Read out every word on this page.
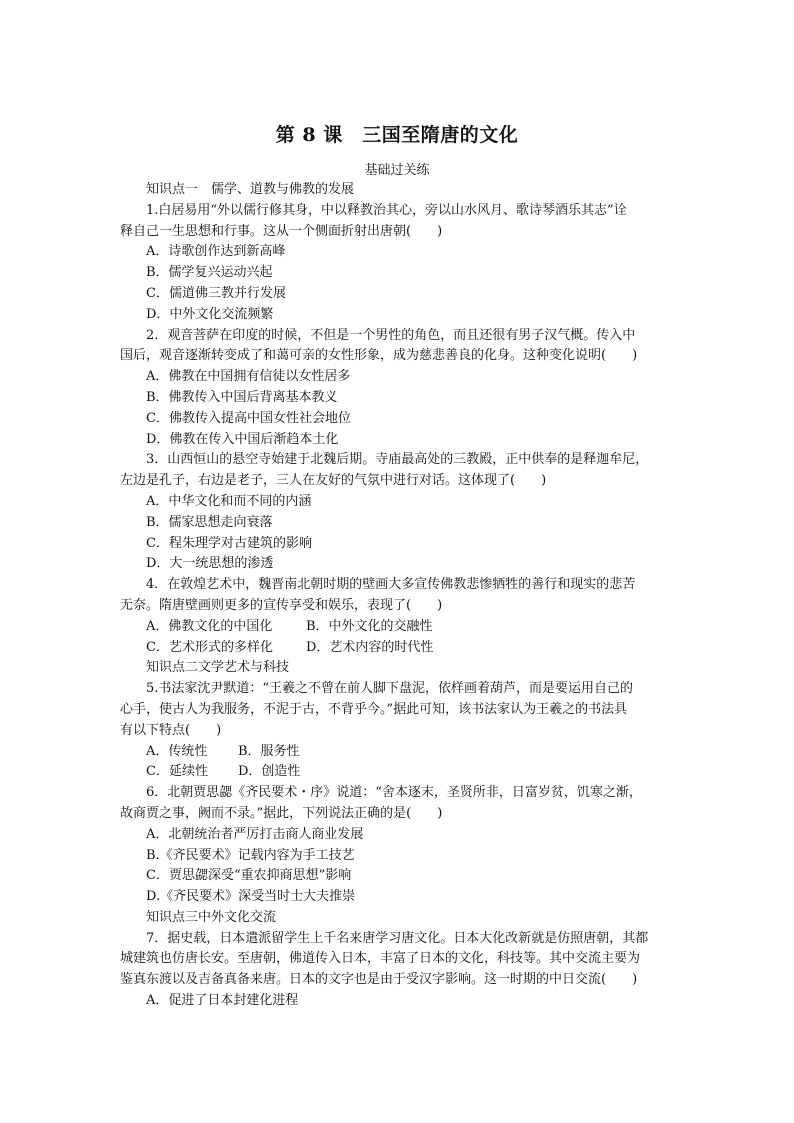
第 8 课　三国至隋唐的文化
基础过关练
知识点一　儒学、道教与佛教的发展
1.白居易用“外以儒行修其身，中以释教治其心，旁以山水风月、歌诗琴酒乐其志”诠
释自己一生思想和行事。这从一个侧面折射出唐朝(　　)
A．诗歌创作达到新高峰
B．儒学复兴运动兴起
C．儒道佛三教并行发展
D．中外文化交流频繁
2．观音菩萨在印度的时候，不但是一个男性的角色，而且还很有男子汉气概。传入中
国后，观音逐渐转变成了和蔼可亲的女性形象，成为慈悲善良的化身。这种变化说明(　　)
A．佛教在中国拥有信徒以女性居多
B．佛教传入中国后背离基本教义
C．佛教传入提高中国女性社会地位
D．佛教在传入中国后渐趋本土化
3．山西恒山的悬空寺始建于北魏后期。寺庙最高处的三教殿，正中供奉的是释迦牟尼，
左边是孔子，右边是老子，三人在友好的气氛中进行对话。这体现了(　　)
A．中华文化和而不同的内涵
B．儒家思想走向衰落
C．程朱理学对古建筑的影响
D．大一统思想的渗透
4．在敦煌艺术中，魏晋南北朝时期的壁画大多宣传佛教悲惨牺牲的善行和现实的悲苦
无奈。隋唐壁画则更多的宣传享受和娱乐，表现了(　　)
A．佛教文化的中国化	B．中外文化的交融性
C．艺术形式的多样化	D．艺术内容的时代性
知识点二文学艺术与科技
5.书法家沈尹默道：“王羲之不曾在前人脚下盘泥，依样画着葫芦，而是要运用自己的
心手，使古人为我服务，不泥于古，不背乎今。”据此可知，该书法家认为王羲之的书法具
有以下特点(　　)
A．传统性 B．服务性
C．延续性 D．创造性
6．北朝贾思勰《齐民要术・序》说道：“舍本逐末，圣贤所非，日富岁贫，饥寒之渐，
故商贾之事，阙而不录。”据此，下列说法正确的是(　　)
A．北朝统治者严厉打击商人商业发展
B.《齐民要术》记载内容为手工技艺
C．贾思勰深受“重农抑商思想”影响
D.《齐民要术》深受当时士大夫推崇
知识点三中外文化交流
7．据史载，日本遣派留学生上千名来唐学习唐文化。日本大化改新就是仿照唐朝，其都
城建筑也仿唐长安。至唐朝，佛道传入日本，丰富了日本的文化，科技等。其中交流主要为
鉴真东渡以及吉备真备来唐。日本的文字也是由于受汉字影响。这一时期的中日交流(　　)
A．促进了日本封建化进程
